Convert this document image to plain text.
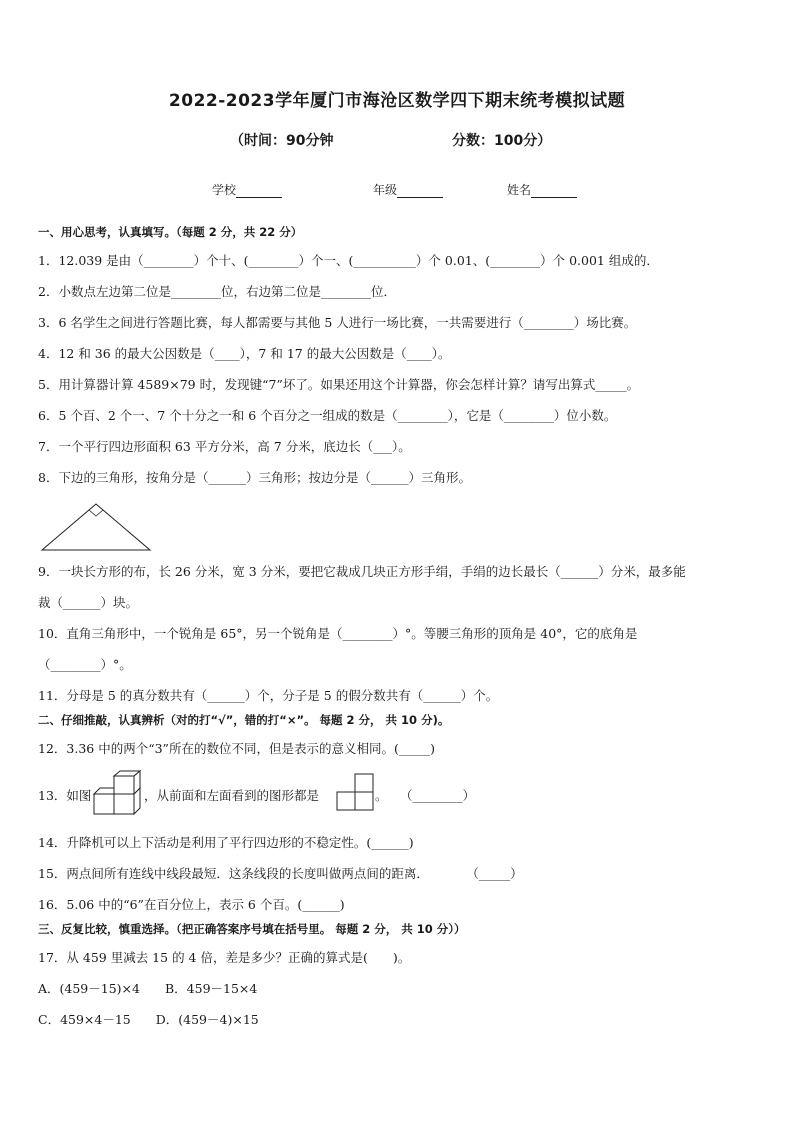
2022-2023学年厦门市海沧区数学四下期末统考模拟试题
（时间：90分钟	分数：100分）
学校	年级	姓名
一、用心思考，认真填写。（每题 2 分，共 22 分）
1．12.039 是由（________）个十、(________）个一、(__________）个 0.01、(________）个 0.001 组成的．
2．小数点左边第二位是________位，右边第二位是________位．
3．6 名学生之间进行答题比赛，每人都需要与其他 5 人进行一场比赛，一共需要进行（________）场比赛。
4．12 和 36 的最大公因数是（____），7 和 17 的最大公因数是（____）。
5．用计算器计算 4589×79 时，发现键“7”坏了。如果还用这个计算器，你会怎样计算？请写出算式_____。
6．5 个百、2 个一、7 个十分之一和 6 个百分之一组成的数是（________），它是（________）位小数。
7．一个平行四边形面积 63 平方分米，高 7 分米，底边长（___）。
8．下边的三角形，按角分是（______）三角形；按边分是（______）三角形。
9．一块长方形的布，长 26 分米，宽 3 分米，要把它裁成几块正方形手绢，手绢的边长最长（______）分米，最多能
裁（______）块。
10．直角三角形中，一个锐角是 65°，另一个锐角是（________）°。等腰三角形的顶角是 40°，它的底角是
（________）°。
11．分母是 5 的真分数共有（______）个，分子是 5 的假分数共有（______）个。
二、仔细推敲，认真辨析（对的打“√”，错的打“×”。 每题 2 分， 共 10 分)。
12．3.36 中的两个“3”所在的数位不同，但是表示的意义相同。(_____)
13．如图	，从前面和左面看到的图形都是	。　　（________）
14．升降机可以上下活动是利用了平行四边形的不稳定性。(______)
15．两点间所有连线中线段最短．这条线段的长度叫做两点间的距离．　　　　（_____）
16．5.06 中的“6”在百分位上，表示 6 个百。(______)
三、反复比较，慎重选择。（把正确答案序号填在括号里。 每题 2 分， 共 10 分））
17．从 459 里减去 15 的 4 倍，差是多少？正确的算式是(　　)。
A．(459－15)×4　　B．459－15×4
C．459×4－15　　D．(459－4)×15
